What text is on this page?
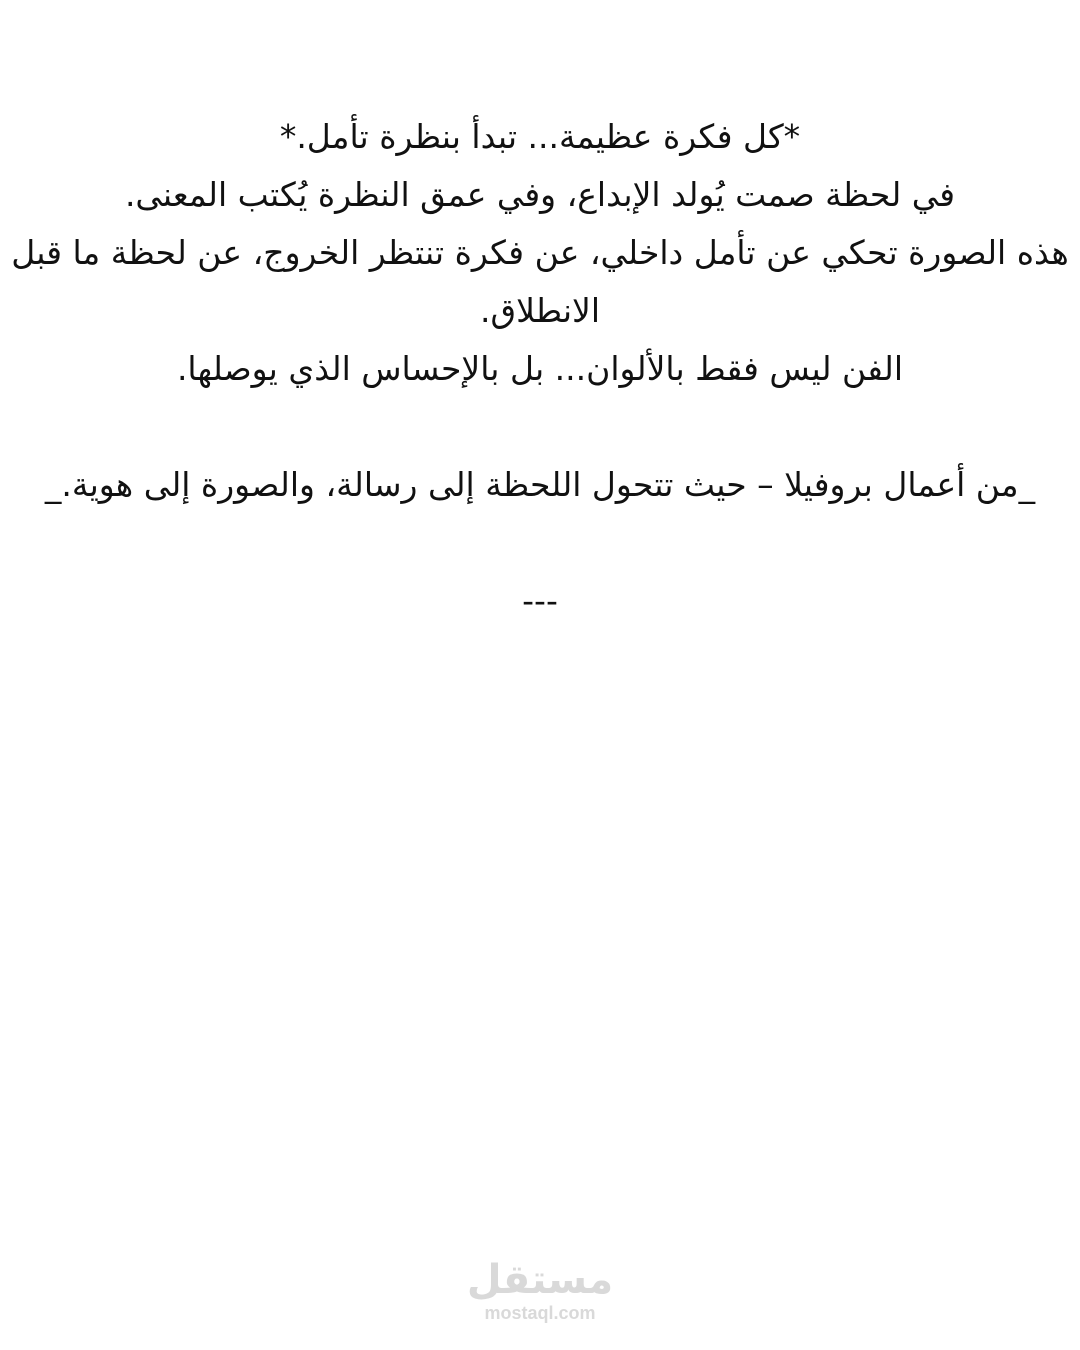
*كل فكرة عظيمة... تبدأ بنظرة تأمل.*

في لحظة صمت يُولد الإبداع، وفي عمق النظرة يُكتب المعنى.

هذه الصورة تحكي عن تأمل داخلي، عن فكرة تنتظر الخروج، عن لحظة ما قبل الانطلاق.

الفن ليس فقط بالألوان... بل بالإحساس الذي يوصلها.

_من أعمال بروفيلا – حيث تتحول اللحظة إلى رسالة، والصورة إلى هوية._

---

مستقل
mostaql.com
